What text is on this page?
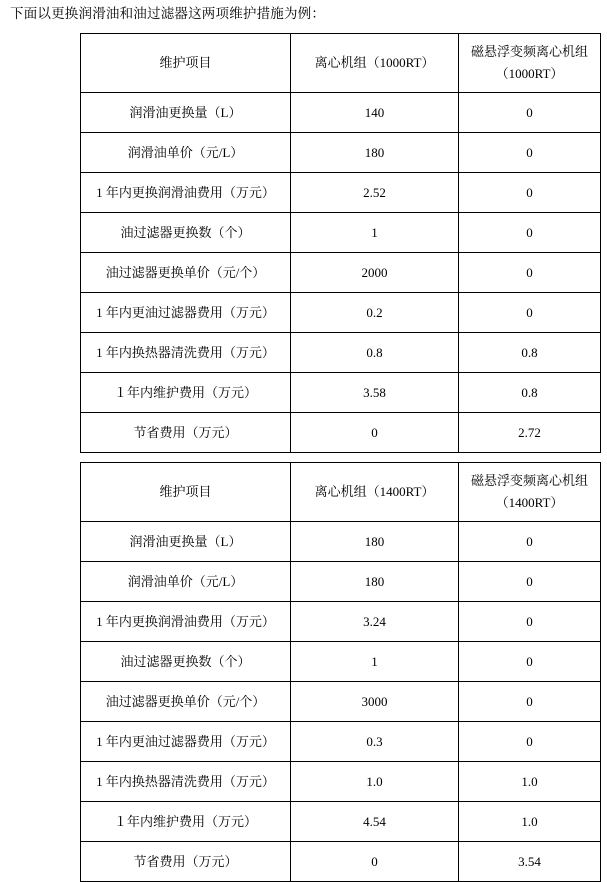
下面以更换润滑油和油过滤器这两项维护措施为例：
维护项目	离心机组（1000RT）	磁悬浮变频离心机组
（1000RT）

润滑油更换量（L）	140	0
润滑油单价（元/L）	180	0
1 年内更换润滑油费用（万元）	2.52	0
油过滤器更换数（个）	1	0
油过滤器更换单价（元/个）	2000	0
1 年内更油过滤器费用（万元）	0.2	0
1 年内换热器清洗费用（万元）	0.8	0.8
１年内维护费用（万元）	3.58	0.8
节省费用（万元）	0	2.72
维护项目	离心机组（1400RT）	磁悬浮变频离心机组
（1400RT）

润滑油更换量（L）	180	0
润滑油单价（元/L）	180	0
1 年内更换润滑油费用（万元）	3.24	0
油过滤器更换数（个）	1	0
油过滤器更换单价（元/个）	3000	0
1 年内更油过滤器费用（万元）	0.3	0
1 年内换热器清洗费用（万元）	1.0	1.0
１年内维护费用（万元）	4.54	1.0
节省费用（万元）	0	3.54
